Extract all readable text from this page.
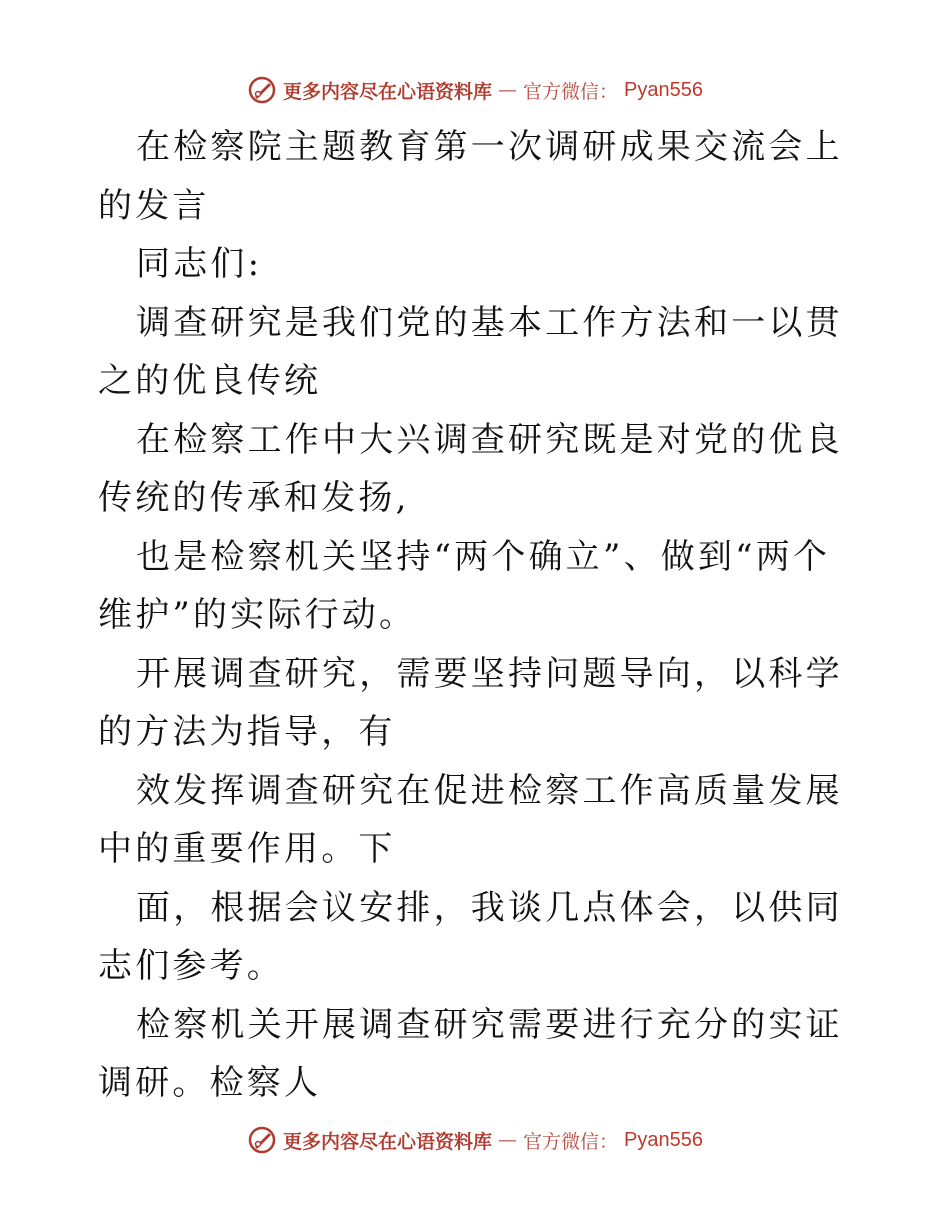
更多内容尽在心语资料库 — 官方微信： Pyan556

在检察院主题教育第一次调研成果交流会上的发言

同志们:

调查研究是我们党的基本工作方法和一以贯之的优良传统

在检察工作中大兴调查研究既是对党的优良传统的传承和发扬,

也是检察机关坚持“两个确立”、做到“两个维护”的实际行动。

开展调查研究，需要坚持问题导向，以科学的方法为指导，有

效发挥调查研究在促进检察工作高质量发展中的重要作用。下

面，根据会议安排，我谈几点体会，以供同志们参考。

检察机关开展调查研究需要进行充分的实证调研。检察人

更多内容尽在心语资料库 — 官方微信： Pyan556
